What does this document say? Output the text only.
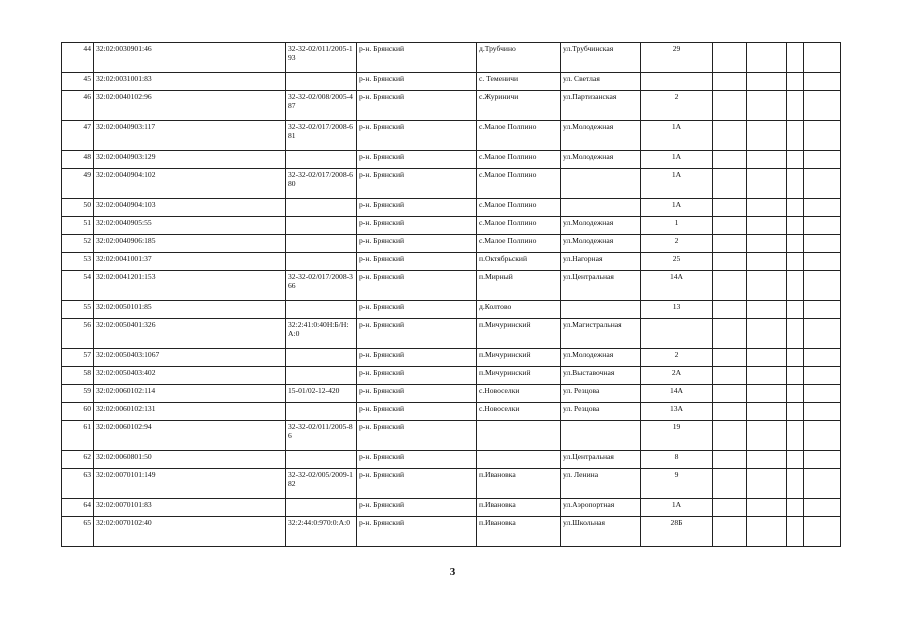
44	32:02:0030901:46	32-32-02/011/2005-193	р-н. Брянский	д.Трубчино	ул.Трубчинская	29				
45	32:02:0031001:83		р-н. Брянский	с. Теменичи	ул. Светлая					
46	32:02:0040102:96	32-32-02/008/2005-487	р-н. Брянский	с.Журиничи	ул.Партизанская	2				
47	32:02:0040903:117	32-32-02/017/2008-681	р-н. Брянский	с.Малое Полпино	ул.Молодежная	1А				
48	32:02:0040903:129		р-н. Брянский	с.Малое Полпино	ул.Молодежная	1А				
49	32:02:0040904:102	32-32-02/017/2008-680	р-н. Брянский	с.Малое Полпино		1А				
50	32:02:0040904:103		р-н. Брянский	с.Малое Полпино		1А				
51	32:02:0040905:55		р-н. Брянский	с.Малое Полпино	ул.Молодежная	1				
52	32:02:0040906:185		р-н. Брянский	с.Малое Полпино	ул.Молодежная	2				
53	32:02:0041001:37		р-н. Брянский	п.Октябрьский	ул.Нагорная	25				
54	32:02:0041201:153	32-32-02/017/2008-366	р-н. Брянский	п.Мирный	ул.Центральная	14А				
55	32:02:0050101:85		р-н. Брянский	д.Колтово		13				
56	32:02:0050401:326	32:2:41:0:40Н:Б/Н:А:0	р-н. Брянский	п.Мичуринский	ул.Магистральная					
57	32:02:0050403:1067		р-н. Брянский	п.Мичуринский	ул.Молодежная	2				
58	32:02:0050403:402		р-н. Брянский	п.Мичуринский	ул.Выставочная	2А				
59	32:02:0060102:114	15-01/02-12-420	р-н. Брянский	с.Новоселки	ул. Резцова	14А				
60	32:02:0060102:131		р-н. Брянский	с.Новоселки	ул. Резцова	13А				
61	32:02:0060102:94	32-32-02/011/2005-86	р-н. Брянский			19				
62	32:02:0060801:50		р-н. Брянский		ул.Центральная	8				
63	32:02:0070101:149	32-32-02/005/2009-182	р-н. Брянский	п.Ивановка	ул. Ленина	9				
64	32:02:0070101:83		р-н. Брянский	п.Ивановка	ул.Аэропортная	1А				
65	32:02:0070102:40	32:2:44:0:970:0:А:0	р-н. Брянский	п.Ивановка	ул.Школьная	28Б				
3
